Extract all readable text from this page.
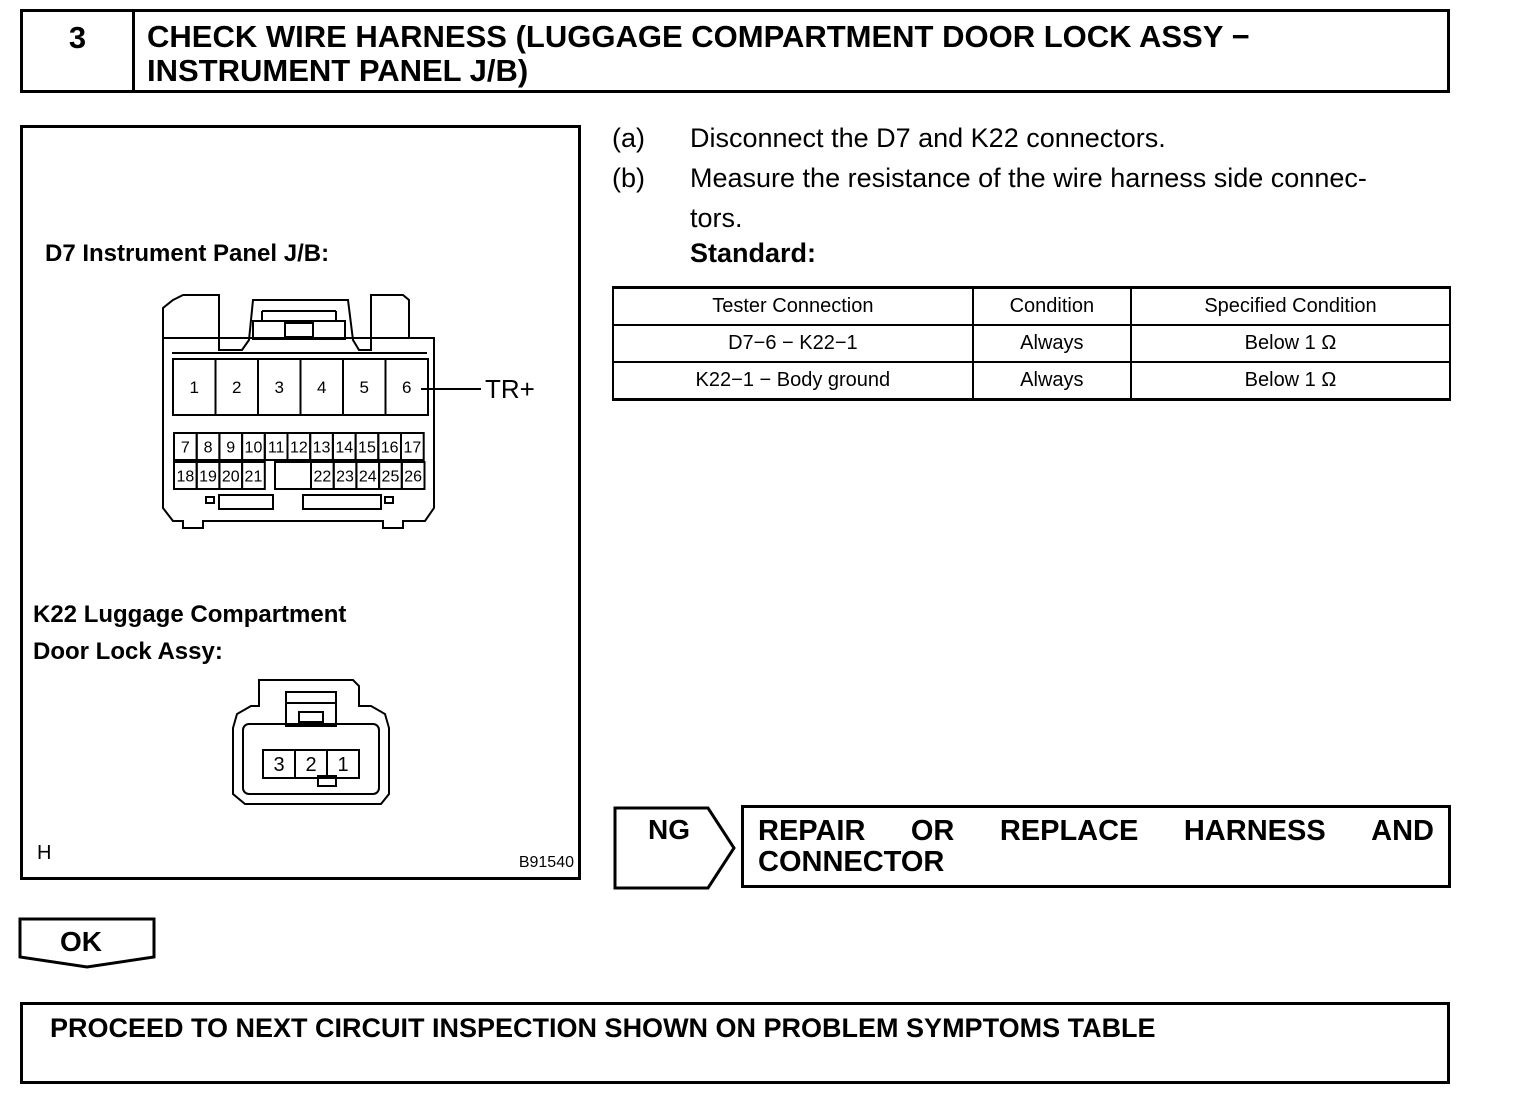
3	CHECK WIRE HARNESS (LUGGAGE COMPARTMENT DOOR LOCK ASSY −
INSTRUMENT PANEL J/B)
1 2 3 4 5 6
7 8 9 10 11 12 13 14 15 16 17
18 19 20 21	22 23 24 25 26
3 2 1
D7 Instrument Panel J/B:
TR+
K22 Luggage Compartment
Door Lock Assy:
H	B91540
(a)	Disconnect the D7 and K22 connectors.
(b)	Measure the resistance of the wire harness side connec-
tors.
Standard:
Tester Connection	Condition	Specified Condition
D7−6 − K22−1	Always	Below 1 Ω
K22−1 − Body ground	Always	Below 1 Ω
NG REPAIR OR REPLACE HARNESS AND
CONNECTOR
OK
PROCEED TO NEXT CIRCUIT INSPECTION SHOWN ON PROBLEM SYMPTOMS TABLE
